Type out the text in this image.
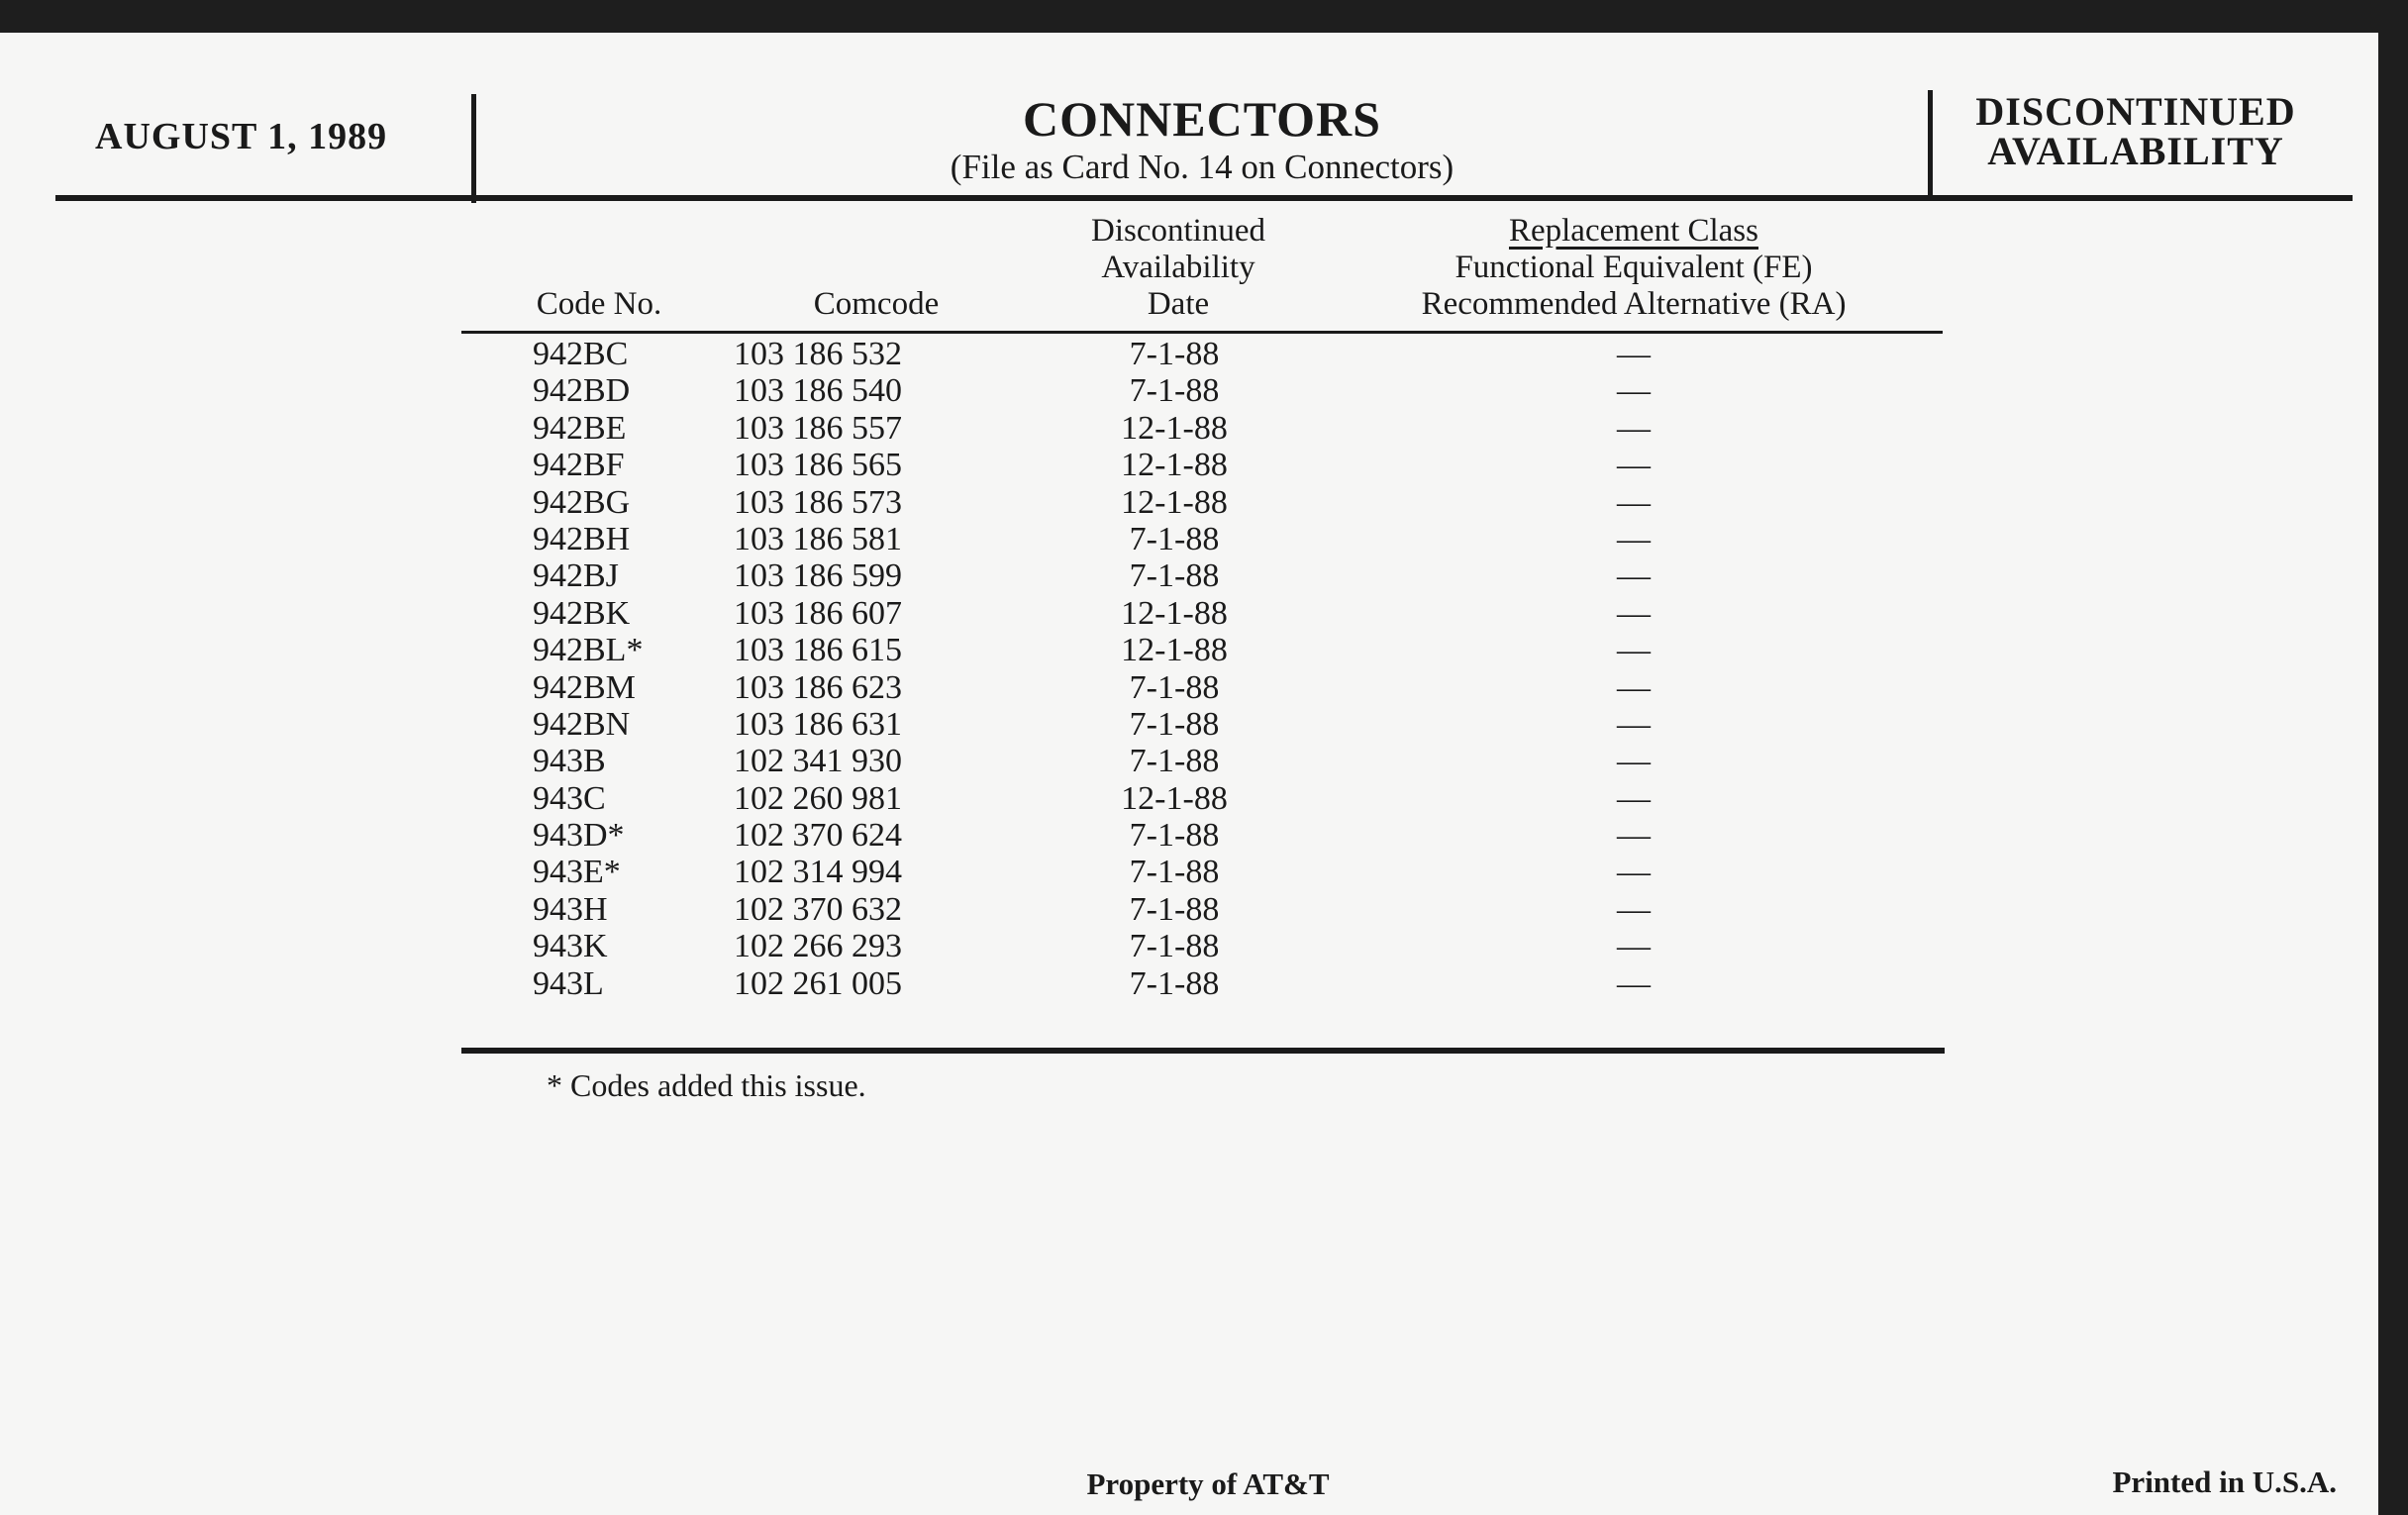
AUGUST 1, 1989	CONNECTORS
(File as Card No. 14 on Connectors)
DISCONTINUED
AVAILABILITY
Code No.	Comcode
Discontinued
Availability
Date
Replacement Class
Functional Equivalent (FE)
Recommended Alternative (RA)
942BC	103 186 532	7-1-88	—
942BD	103 186 540	7-1-88	—
942BE	103 186 557	12-1-88	—
942BF	103 186 565	12-1-88	—
942BG	103 186 573	12-1-88	—
942BH	103 186 581	7-1-88	—
942BJ	103 186 599	7-1-88	—
942BK	103 186 607	12-1-88	—
942BL*	103 186 615	12-1-88	—
942BM	103 186 623	7-1-88	—
942BN	103 186 631	7-1-88	—
943B	102 341 930	7-1-88	—
943C	102 260 981	12-1-88	—
943D*	102 370 624	7-1-88	—
943E*	102 314 994	7-1-88	—
943H	102 370 632	7-1-88	—
943K	102 266 293	7-1-88	—
943L	102 261 005	7-1-88	—
* Codes added this issue.
Property of AT&T	Printed in U.S.A.
